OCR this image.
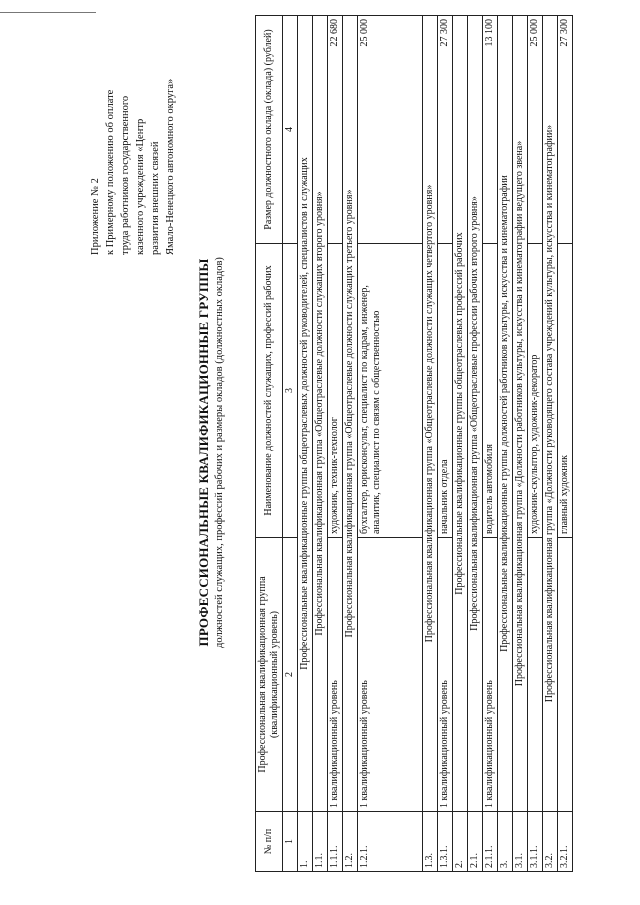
Приложение № 2 к Примерному положению об оплате труда работников государственного казенного учреждения «Центр развития внешних связей Ямало-Ненецкого автономного округа»
ПРОФЕССИОНАЛЬНЫЕ КВАЛИФИКАЦИОННЫЕ ГРУППЫ должностей служащих, профессий рабочих и размеры окладов (должностных окладов)
№ п/п	Профессиональная квалификационная группа (квалификационный уровень)	Наименование должностей служащих, профессий рабочих	Размер должностного оклада (оклада) (рублей)
1	2	3	4
1.	Профессиональные квалификационные группы общеотраслевых должностей руководителей, специалистов и служащих		
1.1.	Профессиональная квалификационная группа «Общеотраслевые должности служащих второго уровня»		
1.1.1.	1 квалификационный уровень	художник, техник-технолог	22 680
1.2.	Профессиональная квалификационная группа «Общеотраслевые должности служащих третьего уровня»		
1.2.1.	1 квалификационный уровень	бухгалтер, юрисконсульт, специалист по кадрам, инженер, аналитик, специалист по связям с общественностью	25 000
1.3.	Профессиональная квалификационная группа «Общеотраслевые должности служащих четвертого уровня»		
1.3.1.	1 квалификационный уровень	начальник отдела	27 300
2.	Профессиональные квалификационные группы общеотраслевых профессий рабочих		
2.1.	Профессиональная квалификационная группа «Общеотраслевые профессии рабочих второго уровня»		
2.1.1.	1 квалификационный уровень	водитель автомобиля	13 100
3.	Профессиональные квалификационные группы должностей работников культуры, искусства и кинематографии		
3.1.	Профессиональная квалификационная группа «Должности работников культуры, искусства и кинематографии ведущего звена»		
3.1.1.		художник-скульптор, художник-декоратор	25 000
3.2.	Профессиональная квалификационная группа «Должности руководящего состава учреждений культуры, искусства и кинематографии»		
3.2.1.		главный художник	27 300
